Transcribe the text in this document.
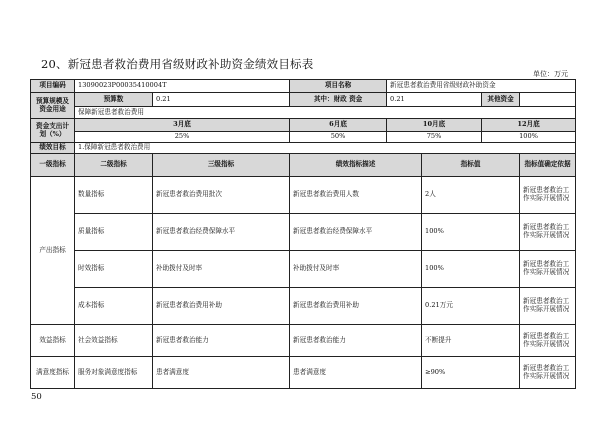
20、新冠患者救治费用省级财政补助资金绩效目标表
单位：万元
项目编码	13090023P00035410004T		项目名称	新冠患者救治费用省级财政补助资金			
预算规模及资金用途	预算数	0.21	其中：财政 资金	0.21		其他资金	
	保障新冠患者救治费用						
资金支出计划（%）	3月底		6月底	10月底		12月底	
	25%		50%	75%		100%	
绩效目标	1.保障新冠患者救治费用						
一级指标	二级指标	三级指标	绩效指标描述		指标值		指标值确定依据
产出指标	数量指标	新冠患者救治费用批次	新冠患者救治费用人数		2人		新冠患者救治工作实际开展情况
	质量指标	新冠患者救治经费保障水平	新冠患者救治经费保障水平		100%		新冠患者救治工作实际开展情况
	时效指标	补助拨付及时率	补助拨付及时率		100%		新冠患者救治工作实际开展情况
	成本指标	新冠患者救治费用补助	新冠患者救治费用补助		0.21万元		新冠患者救治工作实际开展情况
效益指标	社会效益指标	新冠患者救治能力	新冠患者救治能力		不断提升		新冠患者救治工作实际开展情况
满意度指标	服务对象满意度指标	患者满意度	患者满意度		≥90%		新冠患者救治工作实际开展情况
50
